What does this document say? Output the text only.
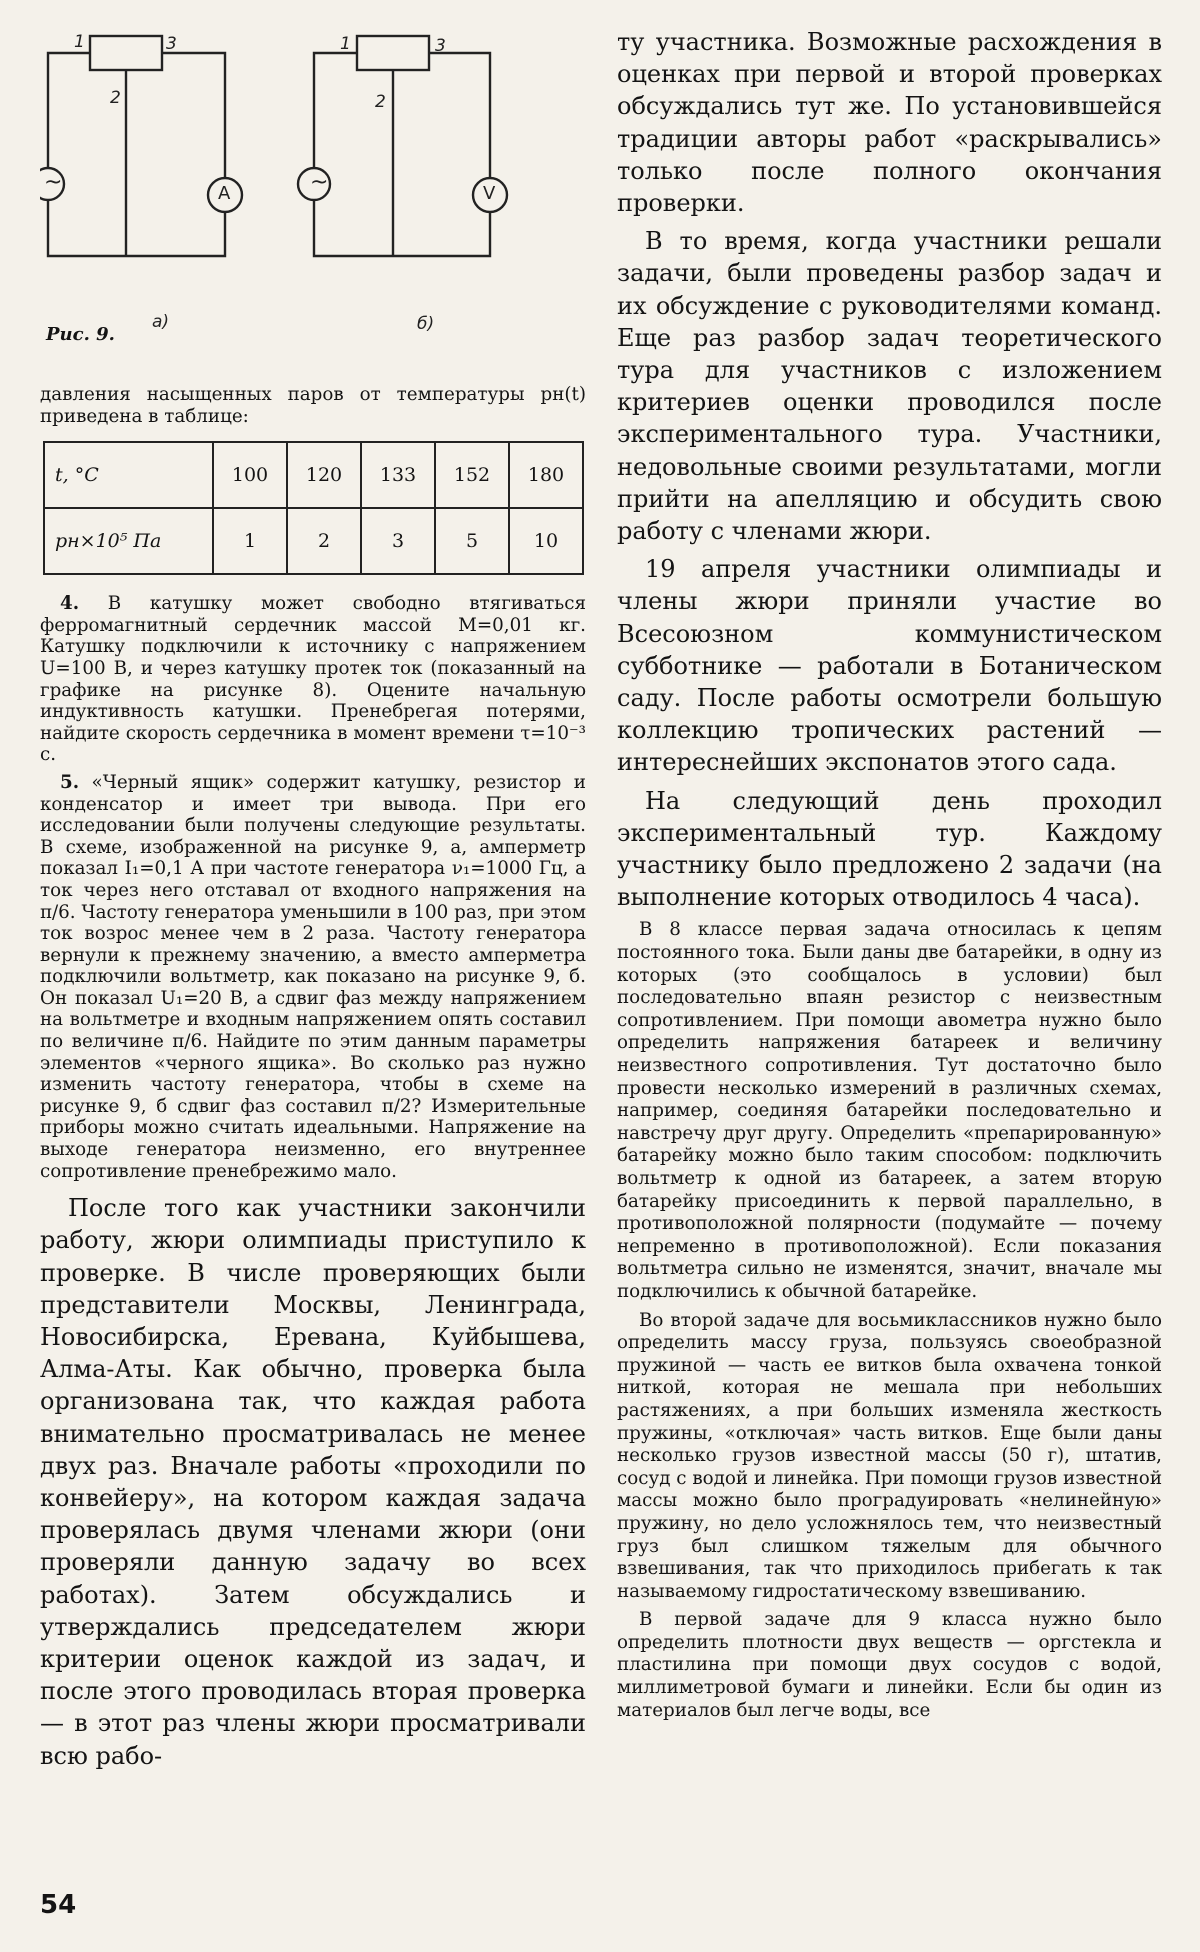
~	~
A	V
1
2
3	1
2
3
а)	б)
Рис. 9.

давления насыщенных паров от температуры pн(t) приведена в таблице:

t, °C	100	120	133	152	180
pн×10⁵ Па	1	2	3	5	10

4. В катушку может свободно втягиваться ферромагнитный сердечник массой M=0,01 кг. Катушку подключили к источнику с напряжением U=100 В, и через катушку протек ток (показанный на графике на рисунке 8). Оцените начальную индуктивность катушки. Пренебрегая потерями, найдите скорость сердечника в момент времени τ=10⁻³ с.

5. «Черный ящик» содержит катушку, резистор и конденсатор и имеет три вывода. При его исследовании были получены следующие результаты. В схеме, изображенной на рисунке 9, а, амперметр показал I₁=0,1 А при частоте генератора ν₁=1000 Гц, а ток через него отставал от входного напряжения на π/6. Частоту генератора уменьшили в 100 раз, при этом ток возрос менее чем в 2 раза. Частоту генератора вернули к прежнему значению, а вместо амперметра подключили вольтметр, как показано на рисунке 9, б. Он показал U₁=20 В, а сдвиг фаз между напряжением на вольтметре и входным напряжением опять составил по величине π/6. Найдите по этим данным параметры элементов «черного ящика». Во сколько раз нужно изменить частоту генератора, чтобы в схеме на рисунке 9, б сдвиг фаз составил π/2? Измерительные приборы можно считать идеальными. Напряжение на выходе генератора неизменно, его внутреннее сопротивление пренебрежимо мало.

После того как участники закончили работу, жюри олимпиады приступило к проверке. В числе проверяющих были представители Москвы, Ленинграда, Новосибирска, Еревана, Куйбышева, Алма-Аты. Как обычно, проверка была организована так, что каждая работа внимательно просматривалась не менее двух раз. Вначале работы «проходили по конвейеру», на котором каждая задача проверялась двумя членами жюри (они проверяли данную задачу во всех работах). Затем обсуждались и утверждались председателем жюри критерии оценок каждой из задач, и после этого проводилась вторая проверка — в этот раз члены жюри просматривали всю рабо-

ту участника. Возможные расхождения в оценках при первой и второй проверках обсуждались тут же. По установившейся традиции авторы работ «раскрывались» только после полного окончания проверки.

В то время, когда участники решали задачи, были проведены разбор задач и их обсуждение с руководителями команд. Еще раз разбор задач теоретического тура для участников с изложением критериев оценки проводился после экспериментального тура. Участники, недовольные своими результатами, могли прийти на апелляцию и обсудить свою работу с членами жюри.

19 апреля участники олимпиады и члены жюри приняли участие во Всесоюзном коммунистическом субботнике — работали в Ботаническом саду. После работы осмотрели большую коллекцию тропических растений — интереснейших экспонатов этого сада.

На следующий день проходил экспериментальный тур. Каждому участнику было предложено 2 задачи (на выполнение которых отводилось 4 часа).

В 8 классе первая задача относилась к цепям постоянного тока. Были даны две батарейки, в одну из которых (это сообщалось в условии) был последовательно впаян резистор с неизвестным сопротивлением. При помощи авометра нужно было определить напряжения батареек и величину неизвестного сопротивления. Тут достаточно было провести несколько измерений в различных схемах, например, соединяя батарейки последовательно и навстречу друг другу. Определить «препарированную» батарейку можно было таким способом: подключить вольтметр к одной из батареек, а затем вторую батарейку присоединить к первой параллельно, в противоположной полярности (подумайте — почему непременно в противоположной). Если показания вольтметра сильно не изменятся, значит, вначале мы подключились к обычной батарейке.

Во второй задаче для восьмиклассников нужно было определить массу груза, пользуясь своеобразной пружиной — часть ее витков была охвачена тонкой ниткой, которая не мешала при небольших растяжениях, а при больших изменяла жесткость пружины, «отключая» часть витков. Еще были даны несколько грузов известной массы (50 г), штатив, сосуд с водой и линейка. При помощи грузов известной массы можно было проградуировать «нелинейную» пружину, но дело усложнялось тем, что неизвестный груз был слишком тяжелым для обычного взвешивания, так что приходилось прибегать к так называемому гидростатическому взвешиванию.

В первой задаче для 9 класса нужно было определить плотности двух веществ — оргстекла и пластилина при помощи двух сосудов с водой, миллиметровой бумаги и линейки. Если бы один из материалов был легче воды, все

54
